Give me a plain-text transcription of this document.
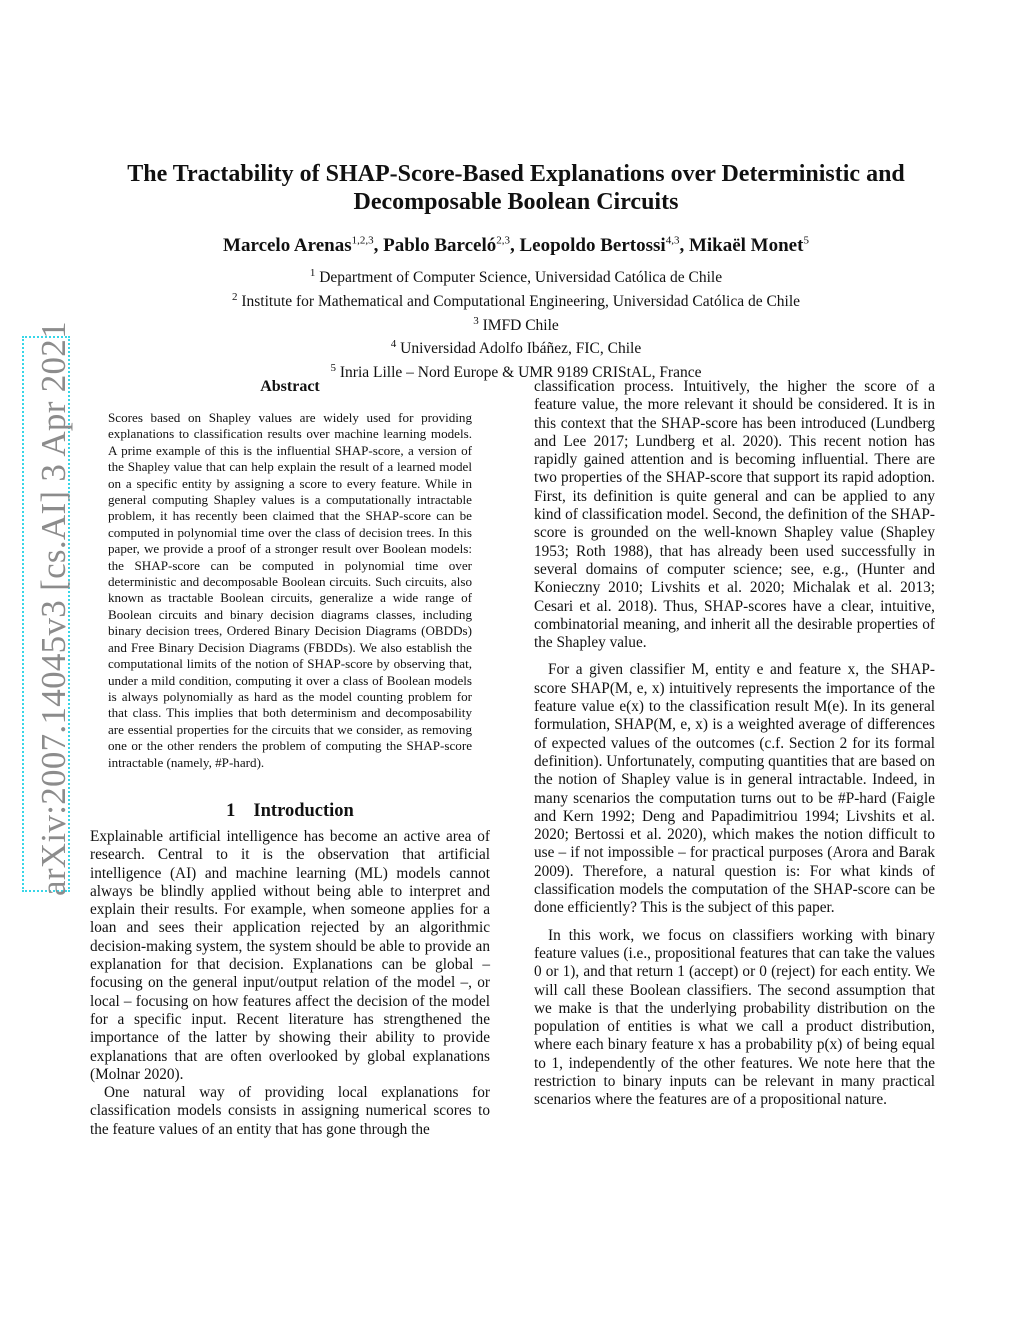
arXiv:2007.14045v3 [cs.AI] 3 Apr 2021
The Tractability of SHAP-Score-Based Explanations over Deterministic and
Decomposable Boolean Circuits
Marcelo Arenas$^{1,2,3}$, Pablo Barceló$^{2,3}$, Leopoldo Bertossi$^{4,3}$, Mikaël Monet$^5$
$^1$ Department of Computer Science, Universidad Católica de Chile
$^2$ Institute for Mathematical and Computational Engineering, Universidad Católica de Chile
$^3$ IMFD Chile
$^4$ Universidad Adolfo Ibáñez, FIC, Chile
$^5$ Inria Lille – Nord Europe & UMR 9189 CRIStAL, France
Abstract

Scores based on Shapley values are widely used for providing explanations to classification results over machine learning models. A prime example of this is the influential SHAP-score, a version of the Shapley value that can help explain the result of a learned model on a specific entity by assigning a score to every feature. While in general computing Shapley values is a computationally intractable problem, it has recently been claimed that the SHAP-score can be computed in polynomial time over the class of decision trees. In this paper, we provide a proof of a stronger result over Boolean models: the SHAP-score can be computed in polynomial time over deterministic and decomposable Boolean circuits. Such circuits, also known as tractable Boolean circuits, generalize a wide range of Boolean circuits and binary decision diagrams classes, including binary decision trees, Ordered Binary Decision Diagrams (OBDDs) and Free Binary Decision Diagrams (FBDDs). We also establish the computational limits of the notion of SHAP-score by observing that, under a mild condition, computing it over a class of Boolean models is always polynomially as hard as the model counting problem for that class. This implies that both determinism and decomposability are essential properties for the circuits that we consider, as removing one or the other renders the problem of computing the SHAP-score intractable (namely, #P-hard).

1 Introduction

Explainable artificial intelligence has become an active area of research. Central to it is the observation that artificial intelligence (AI) and machine learning (ML) models cannot always be blindly applied without being able to interpret and explain their results. For example, when someone applies for a loan and sees their application rejected by an algorithmic decision-making system, the system should be able to provide an explanation for that decision. Explanations can be global – focusing on the general input/output relation of the model –, or local – focusing on how features affect the decision of the model for a specific input. Recent literature has strengthened the importance of the latter by showing their ability to provide explanations that are often overlooked by global explanations (Molnar 2020).

One natural way of providing local explanations for classification models consists in assigning numerical scores to the feature values of an entity that has gone through the

classification process. Intuitively, the higher the score of a feature value, the more relevant it should be considered. It is in this context that the SHAP-score has been introduced (Lundberg and Lee 2017; Lundberg et al. 2020). This recent notion has rapidly gained attention and is becoming influential. There are two properties of the SHAP-score that support its rapid adoption. First, its definition is quite general and can be applied to any kind of classification model. Second, the definition of the SHAP-score is grounded on the well-known Shapley value (Shapley 1953; Roth 1988), that has already been used successfully in several domains of computer science; see, e.g., (Hunter and Konieczny 2010; Livshits et al. 2020; Michalak et al. 2013; Cesari et al. 2018). Thus, SHAP-scores have a clear, intuitive, combinatorial meaning, and inherit all the desirable properties of the Shapley value.

For a given classifier M, entity e and feature x, the SHAP-score SHAP(M, e, x) intuitively represents the importance of the feature value e(x) to the classification result M(e). In its general formulation, SHAP(M, e, x) is a weighted average of differences of expected values of the outcomes (c.f. Section 2 for its formal definition). Unfortunately, computing quantities that are based on the notion of Shapley value is in general intractable. Indeed, in many scenarios the computation turns out to be #P-hard (Faigle and Kern 1992; Deng and Papadimitriou 1994; Livshits et al. 2020; Bertossi et al. 2020), which makes the notion difficult to use – if not impossible – for practical purposes (Arora and Barak 2009). Therefore, a natural question is: For what kinds of classification models the computation of the SHAP-score can be done efficiently? This is the subject of this paper.

In this work, we focus on classifiers working with binary feature values (i.e., propositional features that can take the values 0 or 1), and that return 1 (accept) or 0 (reject) for each entity. We will call these Boolean classifiers. The second assumption that we make is that the underlying probability distribution on the population of entities is what we call a product distribution, where each binary feature x has a probability p(x) of being equal to 1, independently of the other features. We note here that the restriction to binary inputs can be relevant in many practical scenarios where the features are of a propositional nature.
